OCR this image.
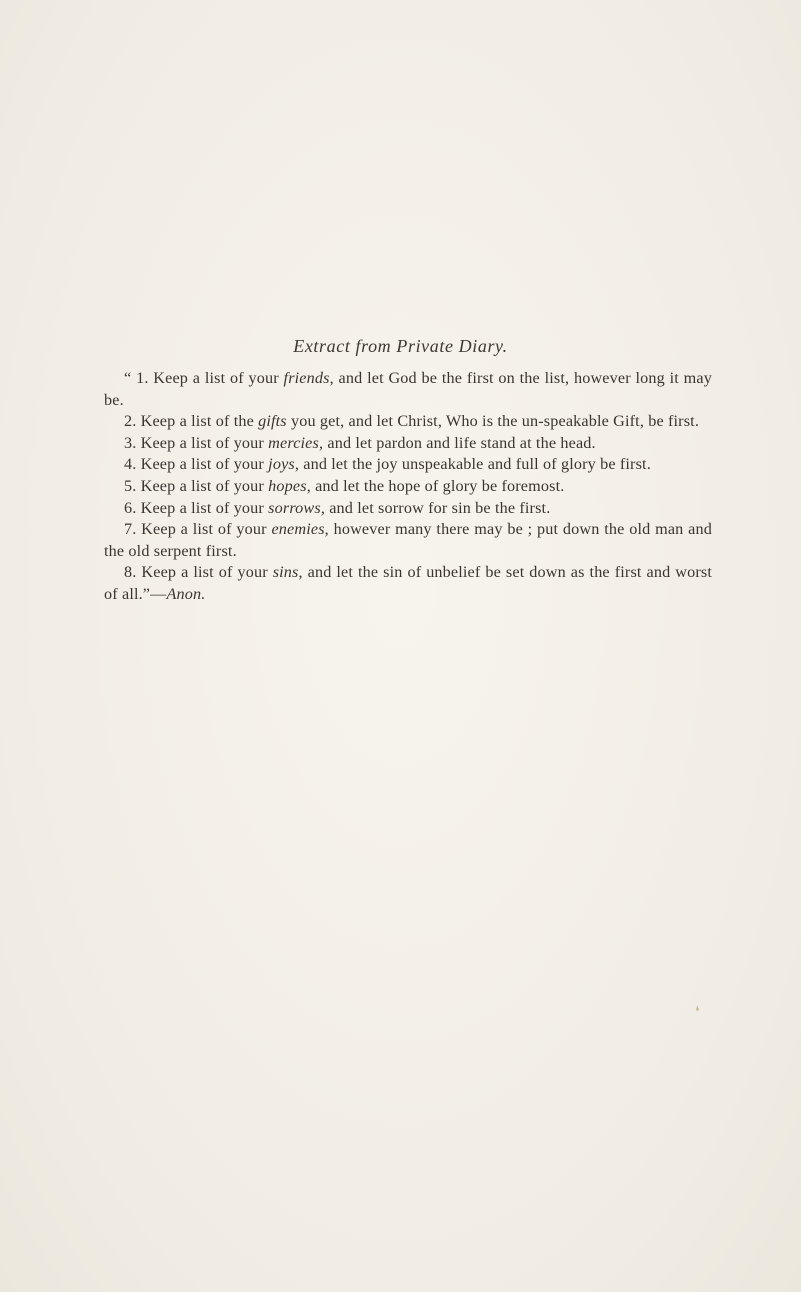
Extract from Private Diary.

“ 1. Keep a list of your friends, and let God be the first on the list, however long it may be.

2. Keep a list of the gifts you get, and let Christ, Who is the un-speakable Gift, be first.

3. Keep a list of your mercies, and let pardon and life stand at the head.

4. Keep a list of your joys, and let the joy unspeakable and full of glory be first.

5. Keep a list of your hopes, and let the hope of glory be foremost.

6. Keep a list of your sorrows, and let sorrow for sin be the first.

7. Keep a list of your enemies, however many there may be ; put down the old man and the old serpent first.

8. Keep a list of your sins, and let the sin of unbelief be set down as the first and worst of all.”—Anon.

❛
